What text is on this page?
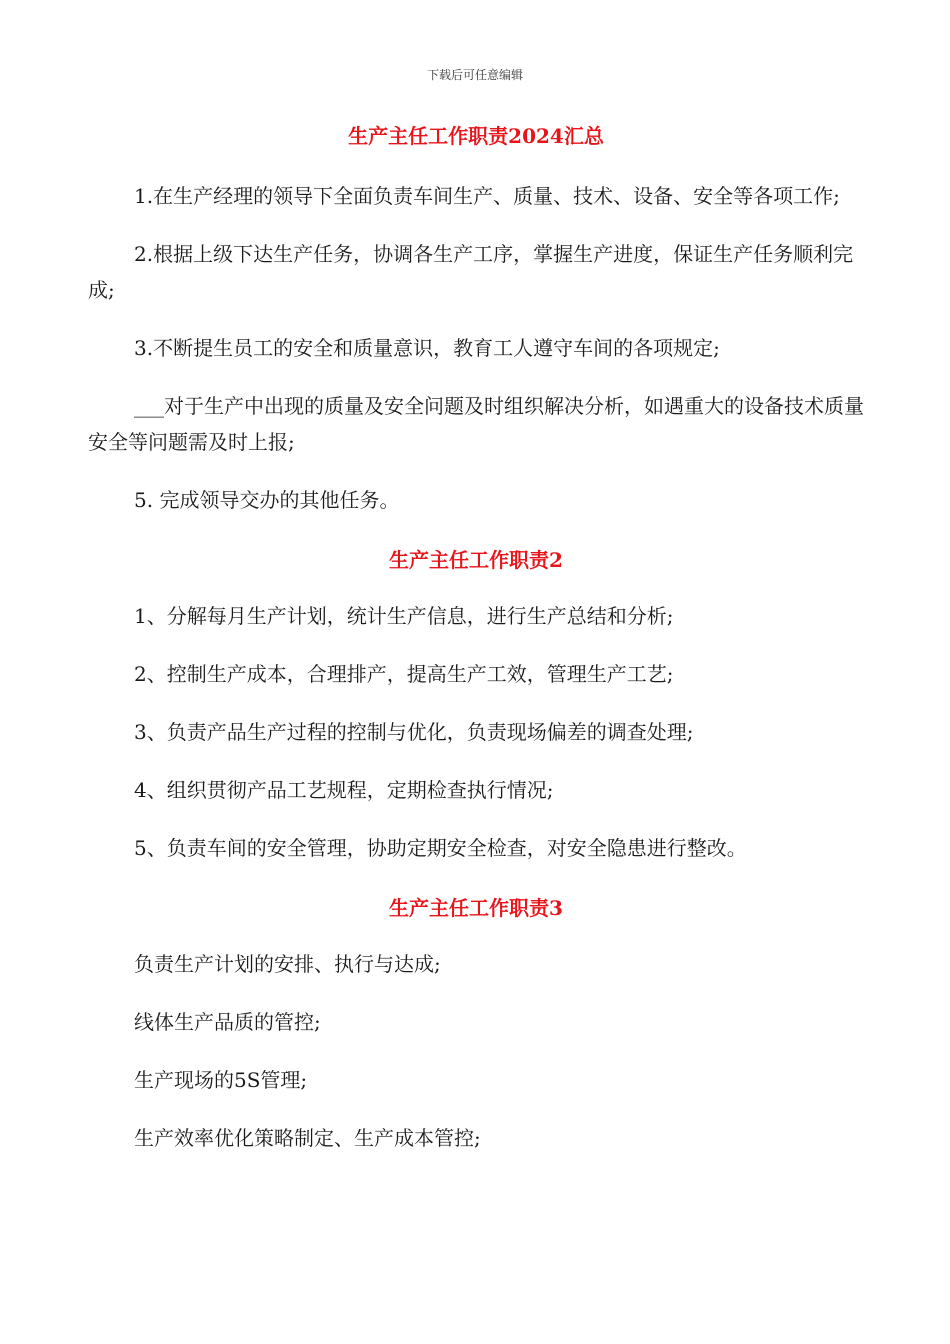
下载后可任意编辑
生产主任工作职责2024汇总

1.在生产经理的领导下全面负责车间生产、质量、技术、设备、安全等各项工作;

2.根据上级下达生产任务，协调各生产工序，掌握生产进度，保证生产任务顺利完成;

3.不断提生员工的安全和质量意识，教育工人遵守车间的各项规定;

___对于生产中出现的质量及安全问题及时组织解决分析，如遇重大的设备技术质量安全等问题需及时上报;

5. 完成领导交办的其他任务。

生产主任工作职责2

1、分解每月生产计划，统计生产信息，进行生产总结和分析;

2、控制生产成本，合理排产，提高生产工效，管理生产工艺;

3、负责产品生产过程的控制与优化，负责现场偏差的调查处理;

4、组织贯彻产品工艺规程，定期检查执行情况;

5、负责车间的安全管理，协助定期安全检查，对安全隐患进行整改。

生产主任工作职责3

负责生产计划的安排、执行与达成;

线体生产品质的管控;

生产现场的5S管理;

生产效率优化策略制定、生产成本管控;
